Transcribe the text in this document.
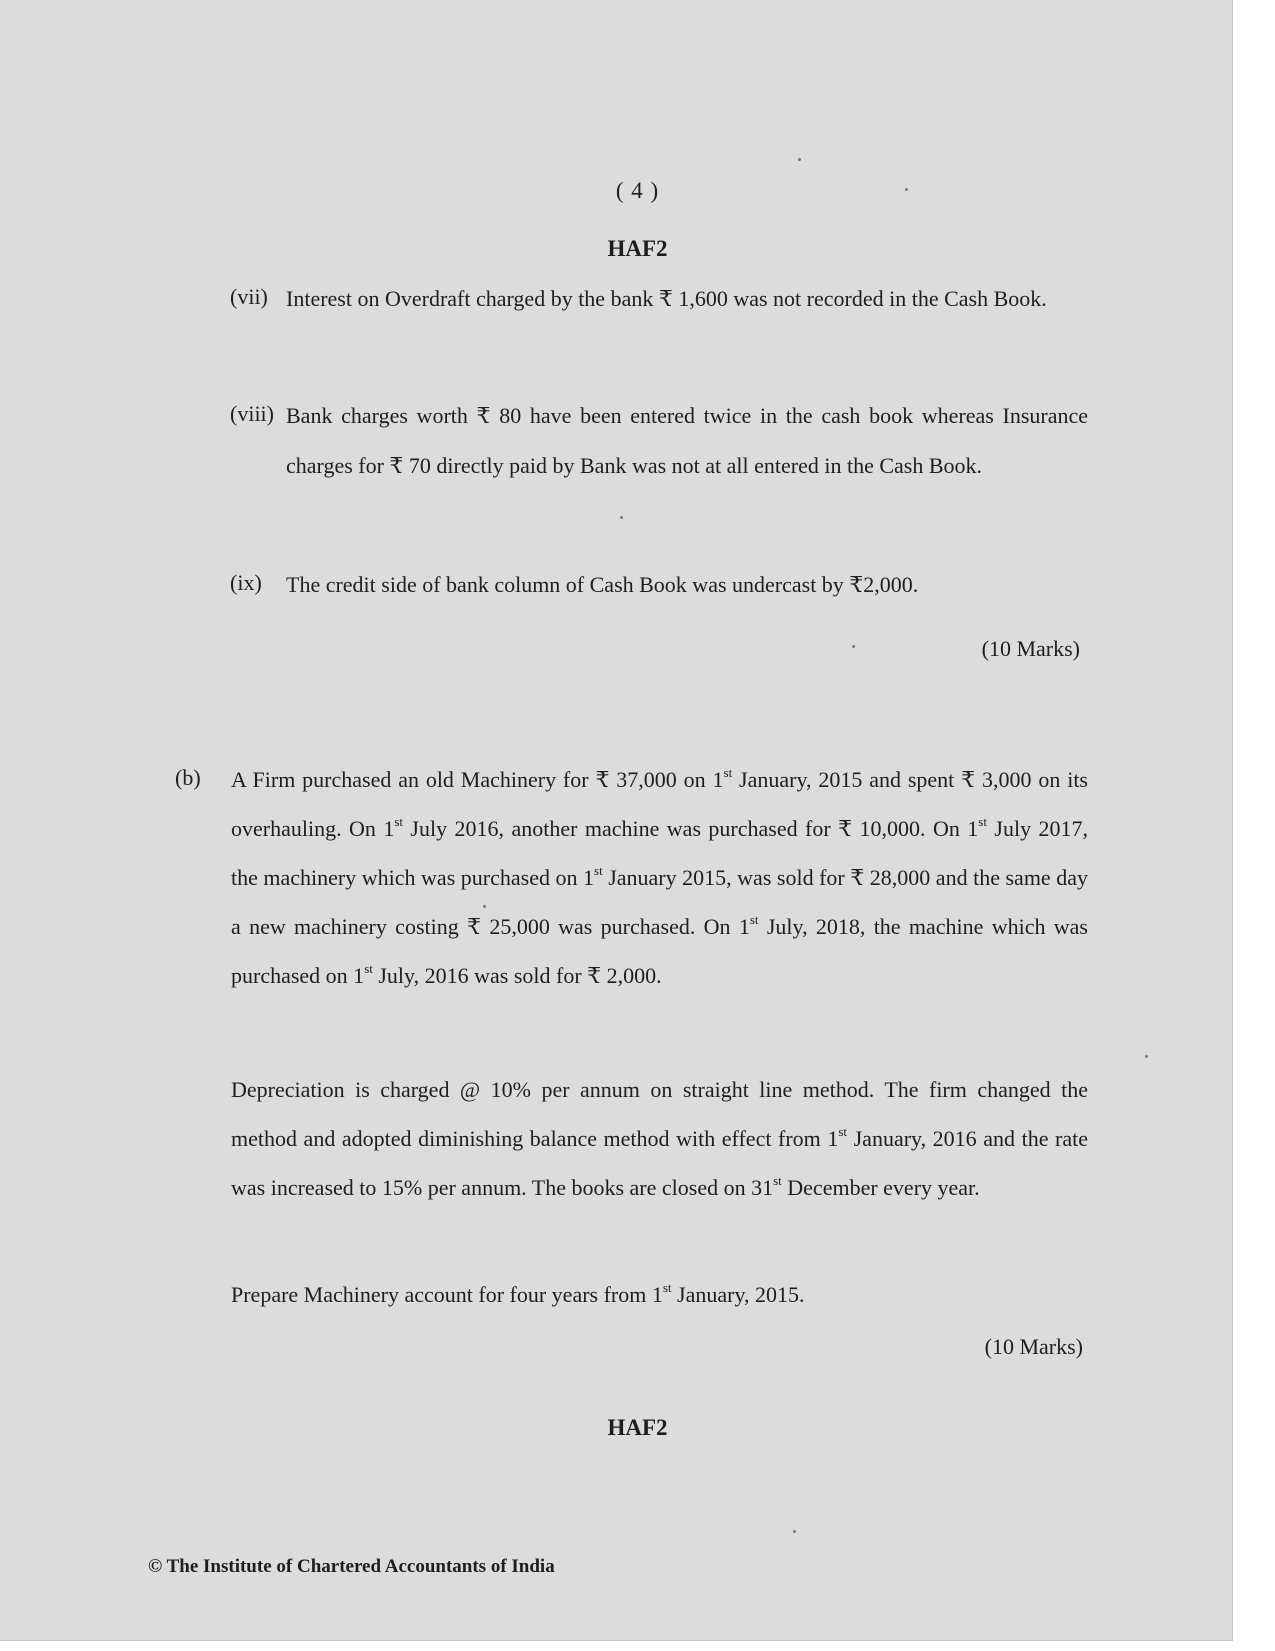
( 4 )
HAF2
(vii) Interest on Overdraft charged by the bank ₹ 1,600 was not recorded in the Cash Book.
(viii) Bank charges worth ₹ 80 have been entered twice in the cash book whereas Insurance charges for ₹ 70 directly paid by Bank was not at all entered in the Cash Book.
(ix) The credit side of bank column of Cash Book was undercast by ₹2,000.
(10 Marks)
(b) A Firm purchased an old Machinery for ₹ 37,000 on 1st January, 2015 and spent ₹ 3,000 on its overhauling. On 1st July 2016, another machine was purchased for ₹ 10,000. On 1st July 2017, the machinery which was purchased on 1st January 2015, was sold for ₹ 28,000 and the same day a new machinery costing ₹ 25,000 was purchased. On 1st July, 2018, the machine which was purchased on 1st July, 2016 was sold for ₹ 2,000.
Depreciation is charged @ 10% per annum on straight line method. The firm changed the method and adopted diminishing balance method with effect from 1st January, 2016 and the rate was increased to 15% per annum. The books are closed on 31st December every year.
Prepare Machinery account for four years from 1st January, 2015.
(10 Marks)
HAF2
© The Institute of Chartered Accountants of India
